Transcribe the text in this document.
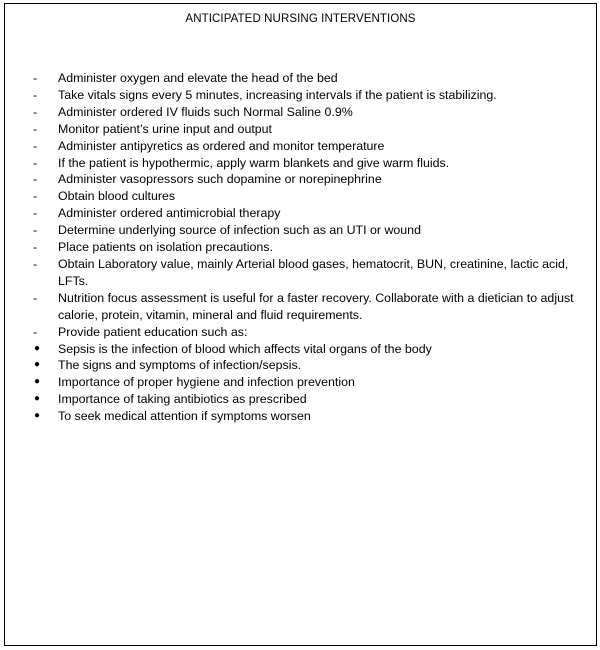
ANTICIPATED NURSING INTERVENTIONS
-	Administer oxygen and elevate the head of the bed
-	Take vitals signs every 5 minutes, increasing intervals if the patient is stabilizing.
-	Administer ordered IV fluids such Normal Saline 0.9%
-	Monitor patient’s urine input and output
-	Administer antipyretics as ordered and monitor temperature
-	If the patient is hypothermic, apply warm blankets and give warm fluids.
-	Administer vasopressors such dopamine or norepinephrine
-	Obtain blood cultures
-	Administer ordered antimicrobial therapy
-	Determine underlying source of infection such as an UTI or wound
-	Place patients on isolation precautions.
-	Obtain Laboratory value, mainly Arterial blood gases, hematocrit, BUN, creatinine, lactic acid,
LFTs.
-	Nutrition focus assessment is useful for a faster recovery. Collaborate with a dietician to adjust
calorie, protein, vitamin, mineral and fluid requirements.
-	Provide patient education such as:
●	Sepsis is the infection of blood which affects vital organs of the body
●	The signs and symptoms of infection/sepsis.
●	Importance of proper hygiene and infection prevention
●	Importance of taking antibiotics as prescribed
●	To seek medical attention if symptoms worsen
